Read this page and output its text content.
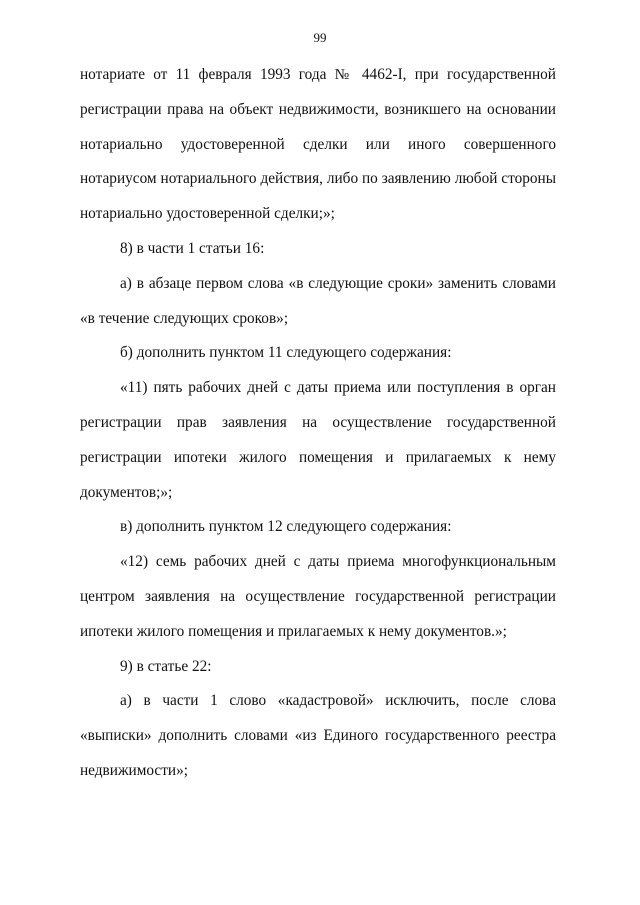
99

нотариате от 11 февраля 1993 года № 4462-I, при государственной регистрации права на объект недвижимости, возникшего на основании нотариально удостоверенной сделки или иного совершенного нотариусом нотариального действия, либо по заявлению любой стороны нотариально удостоверенной сделки;»;

8) в части 1 статьи 16:

а) в абзаце первом слова «в следующие сроки» заменить словами «в течение следующих сроков»;

б) дополнить пунктом 11 следующего содержания:

«11) пять рабочих дней с даты приема или поступления в орган регистрации прав заявления на осуществление государственной регистрации ипотеки жилого помещения и прилагаемых к нему документов;»;

в) дополнить пунктом 12 следующего содержания:

«12) семь рабочих дней с даты приема многофункциональным центром заявления на осуществление государственной регистрации ипотеки жилого помещения и прилагаемых к нему документов.»;

9) в статье 22:

а) в части 1 слово «кадастровой» исключить, после слова «выписки» дополнить словами «из Единого государственного реестра недвижимости»;
